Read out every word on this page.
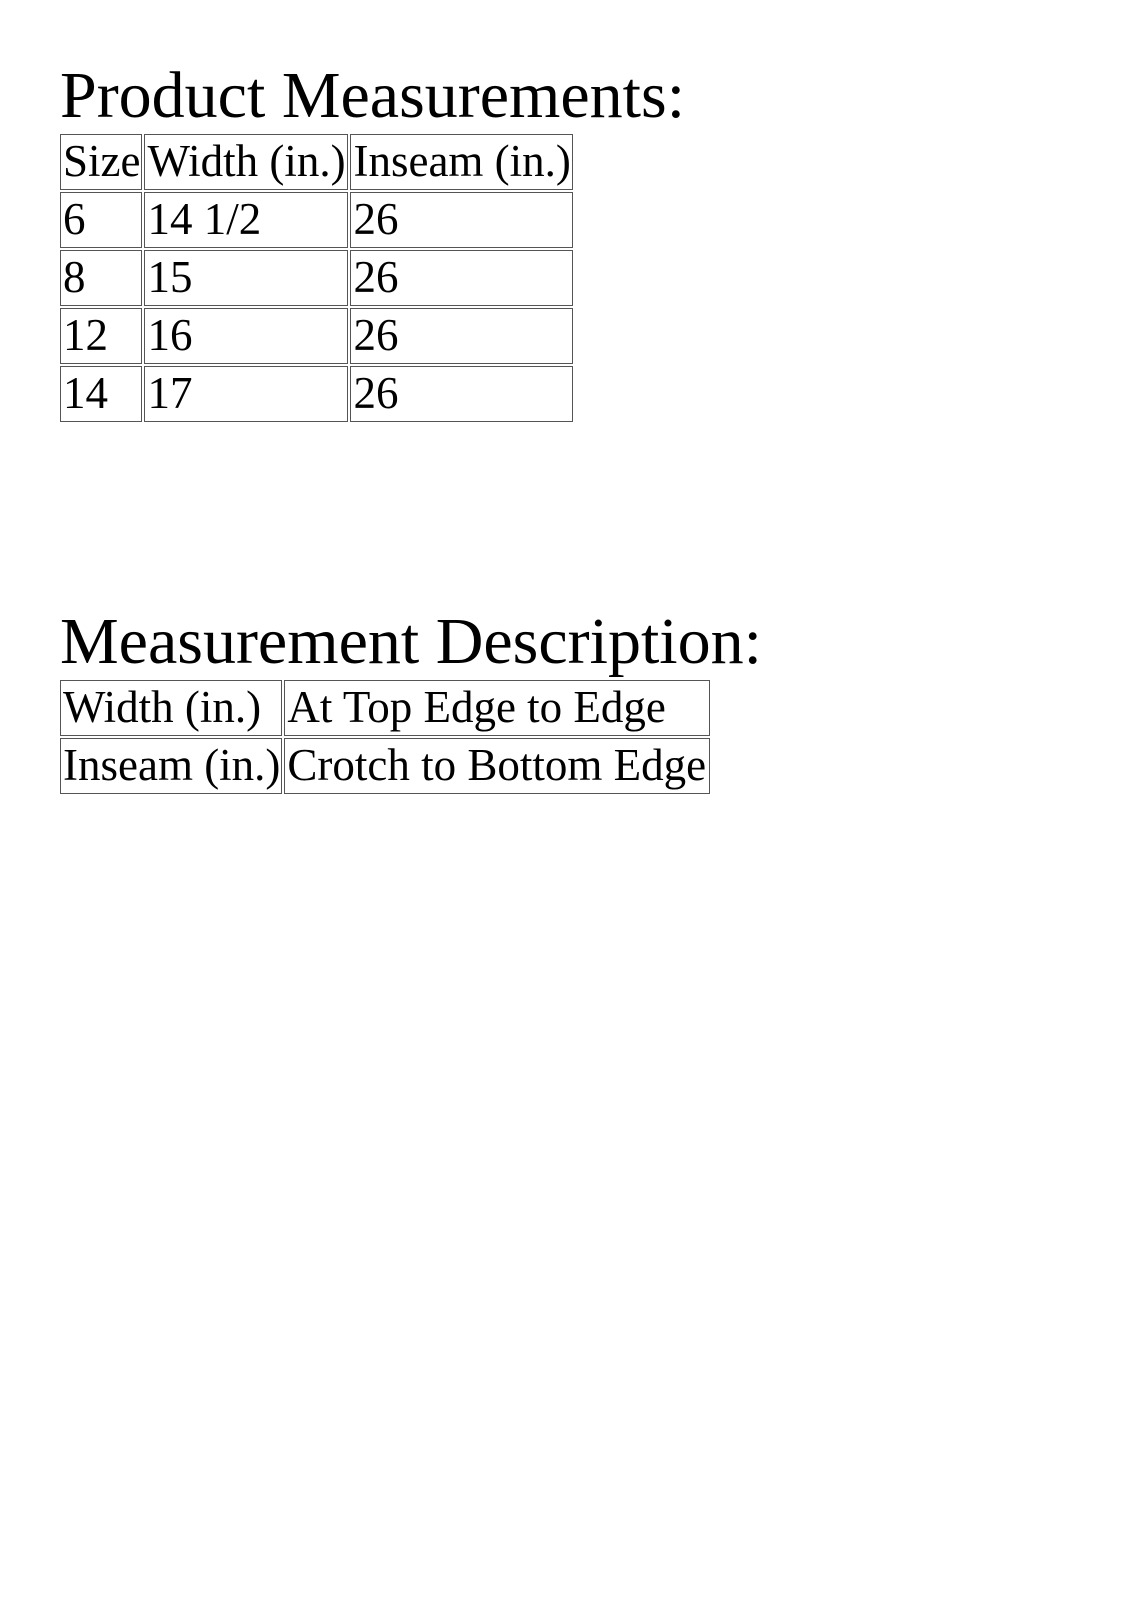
Product Measurements:
Size	Width (in.)	Inseam (in.)
6	14 1/2	26
8	15	26
12	16	26
14	17	26
Measurement Description:
Width (in.)	At Top Edge to Edge
Inseam (in.)	Crotch to Bottom Edge
